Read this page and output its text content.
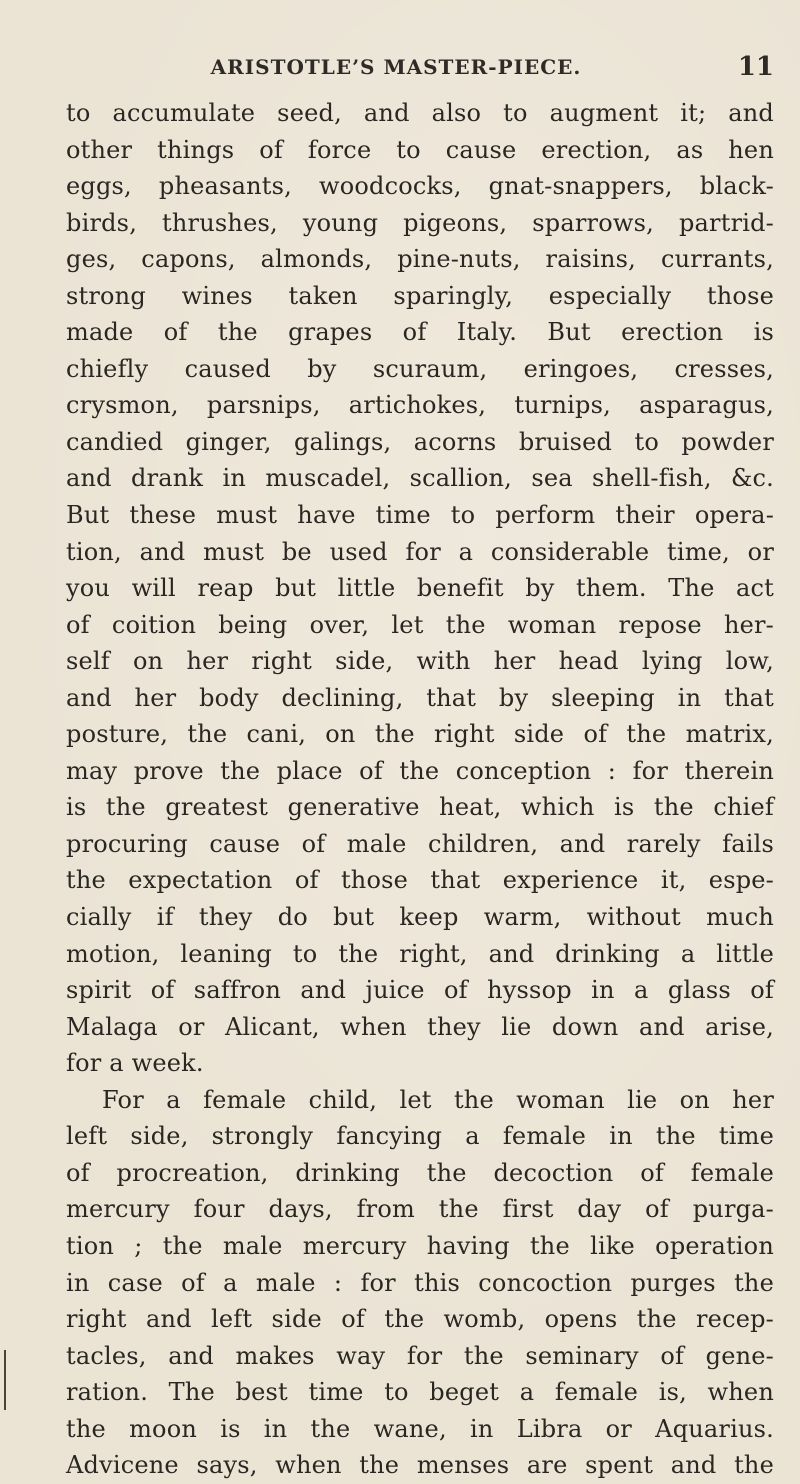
ARISTOTLE’S MASTER-PIECE.	11
to accumulate seed, and also to augment it; and
other things of force to cause erection, as hen
eggs, pheasants, woodcocks, gnat-snappers, black-
birds, thrushes, young pigeons, sparrows, partrid-
ges, capons, almonds, pine-nuts, raisins, currants,
strong wines taken sparingly, especially those
made of the grapes of Italy. But erection is
chiefly caused by scuraum, eringoes, cresses,
crysmon, parsnips, artichokes, turnips, asparagus,
candied ginger, galings, acorns bruised to powder
and drank in muscadel, scallion, sea shell-fish, &c.
But these must have time to perform their opera-
tion, and must be used for a considerable time, or
you will reap but little benefit by them. The act
of coition being over, let the woman repose her-
self on her right side, with her head lying low,
and her body declining, that by sleeping in that
posture, the cani, on the right side of the matrix,
may prove the place of the conception : for therein
is the greatest generative heat, which is the chief
procuring cause of male children, and rarely fails
the expectation of those that experience it, espe-
cially if they do but keep warm, without much
motion, leaning to the right, and drinking a little
spirit of saffron and juice of hyssop in a glass of
Malaga or Alicant, when they lie down and arise,
for a week.
For a female child, let the woman lie on her
left side, strongly fancying a female in the time
of procreation, drinking the decoction of female
mercury four days, from the first day of purga-
tion ; the male mercury having the like operation
in case of a male : for this concoction purges the
right and left side of the womb, opens the recep-
tacles, and makes way for the seminary of gene-
ration. The best time to beget a female is, when
the moon is in the wane, in Libra or Aquarius.
Advicene says, when the menses are spent and the
